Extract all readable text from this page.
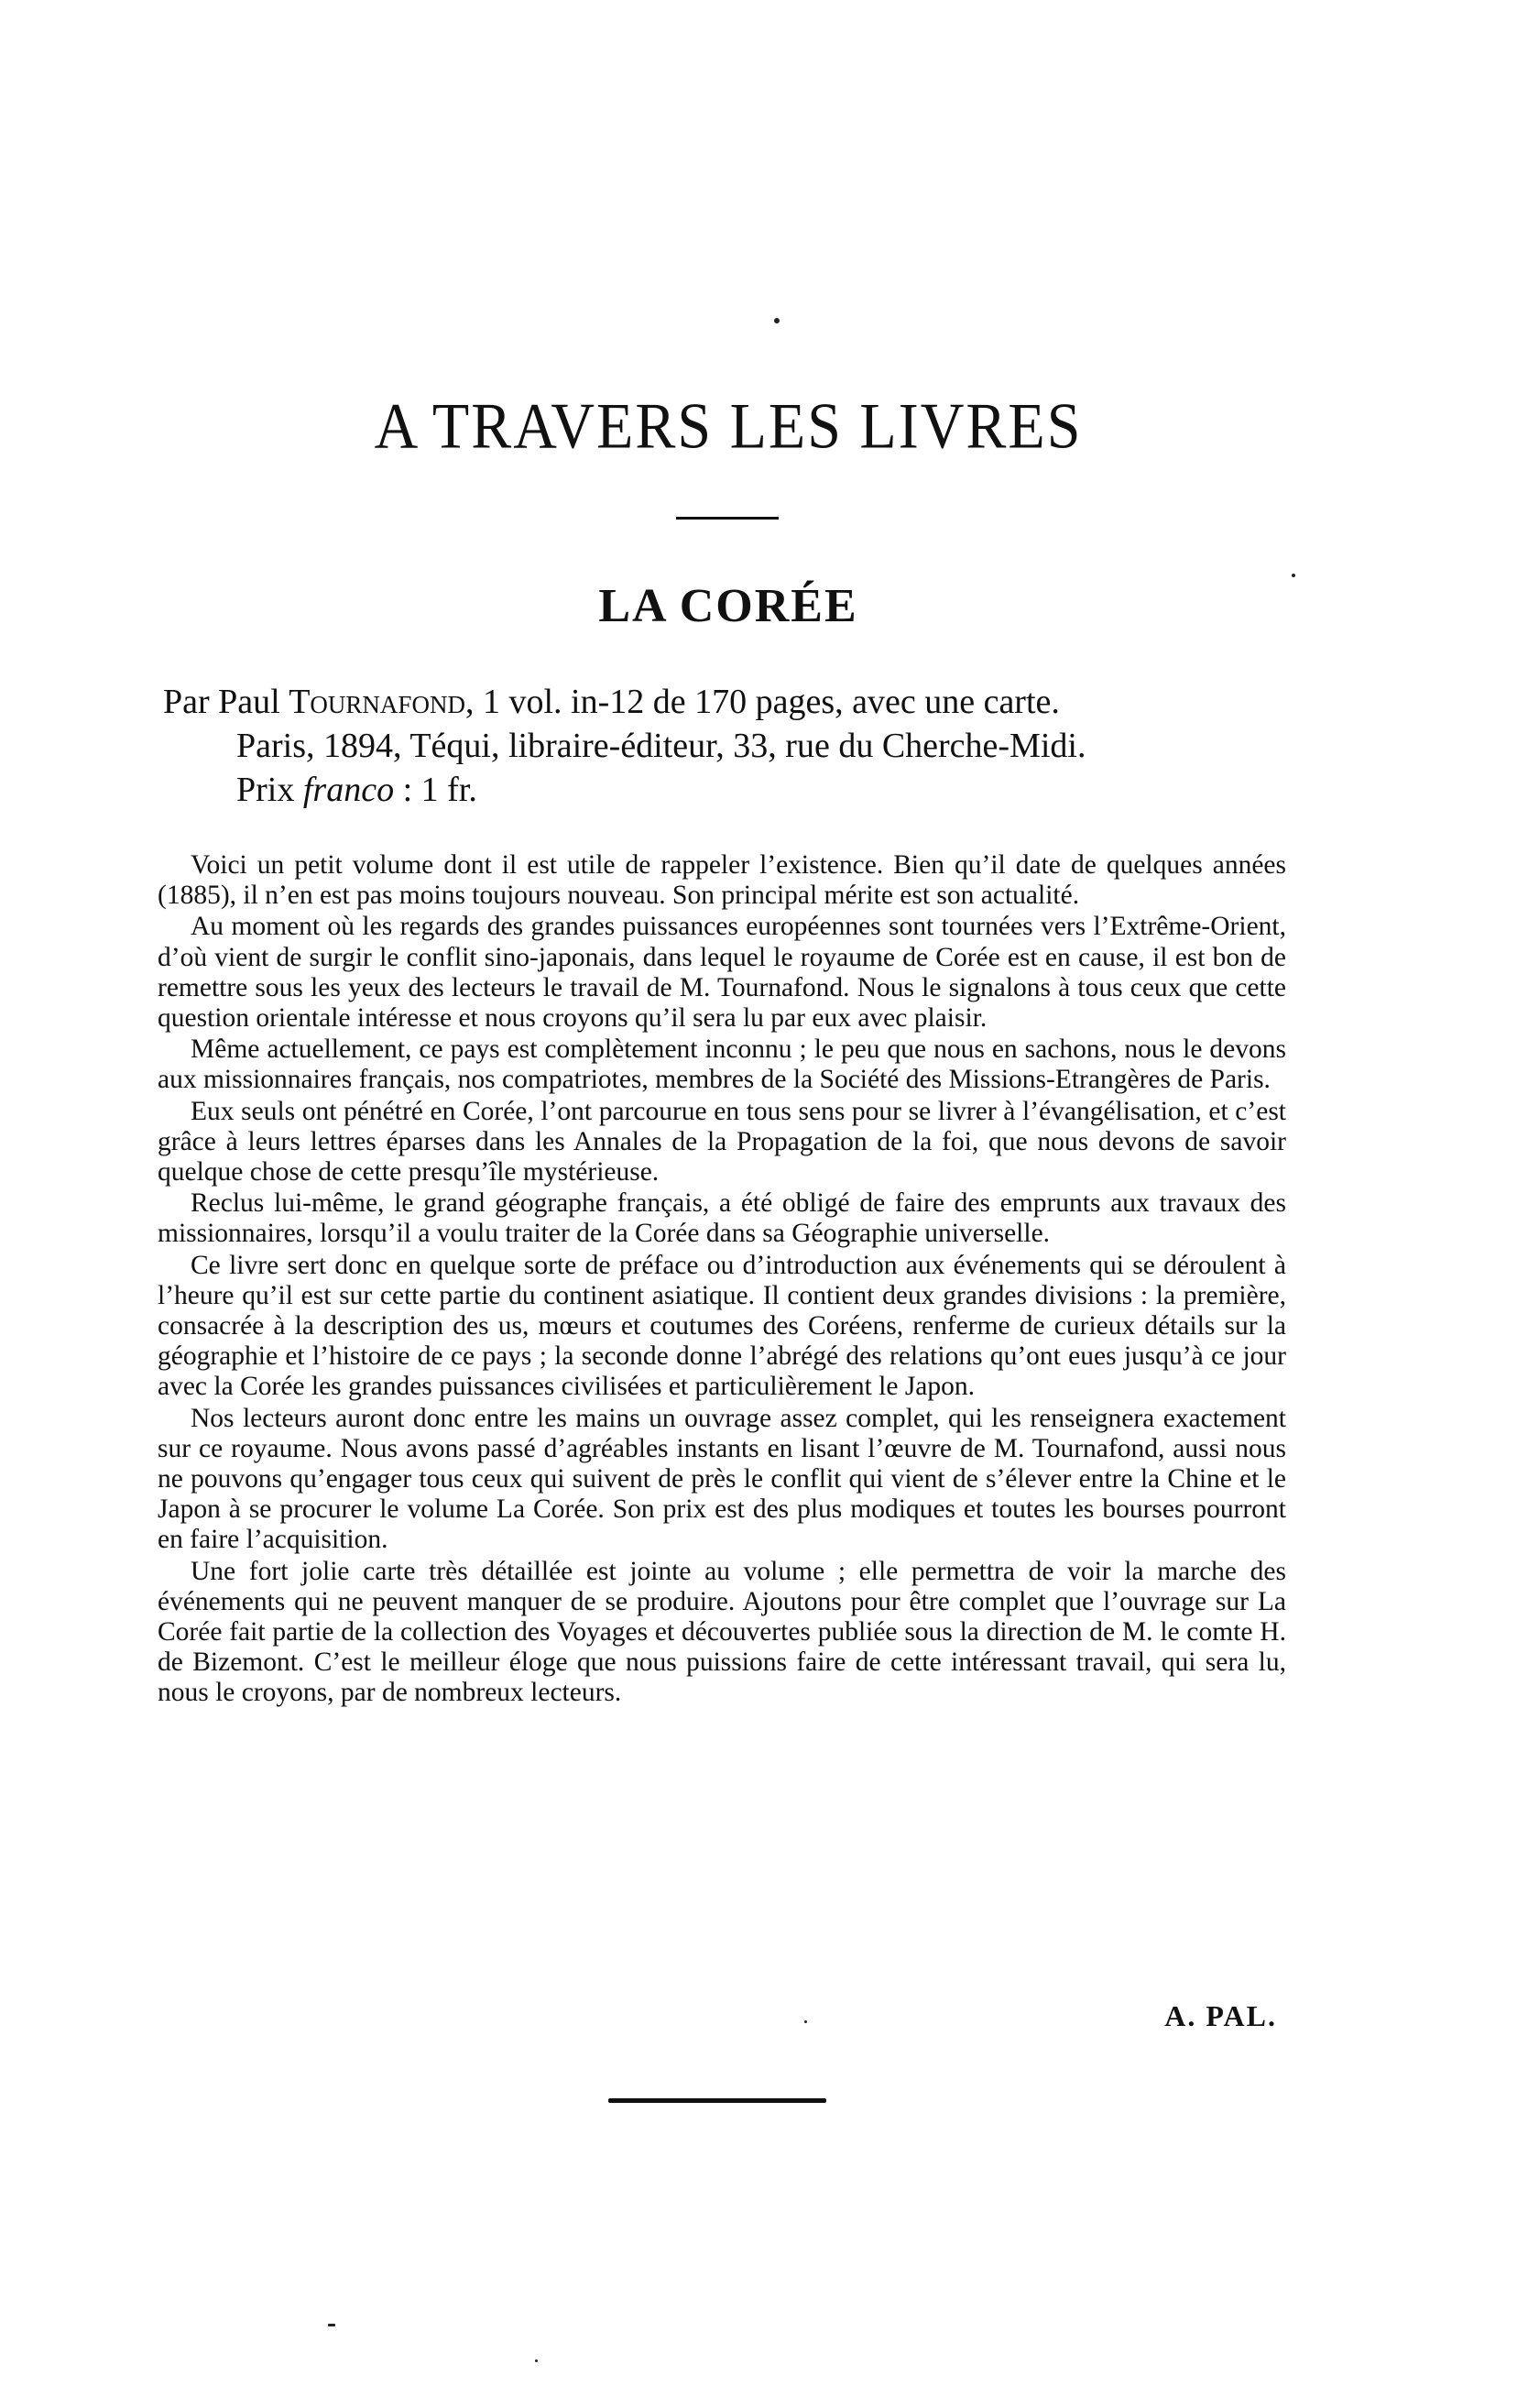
A TRAVERS LES LIVRES
LA CORÉE
Par Paul Tournafond, 1 vol. in-12 de 170 pages, avec une carte.
Paris, 1894, Téqui, libraire-éditeur, 33, rue du Cherche-Midi.
Prix franco : 1 fr.

Voici un petit volume dont il est utile de rappeler l’existence. Bien qu’il date de quelques années (1885), il n’en est pas moins toujours nouveau. Son principal mérite est son actualité.

Au moment où les regards des grandes puissances européennes sont tournées vers l’Extrême-Orient, d’où vient de surgir le conflit sino-japonais, dans lequel le royaume de Corée est en cause, il est bon de remettre sous les yeux des lecteurs le travail de M. Tournafond. Nous le signalons à tous ceux que cette question orientale intéresse et nous croyons qu’il sera lu par eux avec plaisir.

Même actuellement, ce pays est complètement inconnu ; le peu que nous en sachons, nous le devons aux missionnaires français, nos compatriotes, membres de la Société des Missions-Etrangères de Paris.

Eux seuls ont pénétré en Corée, l’ont parcourue en tous sens pour se livrer à l’évangélisation, et c’est grâce à leurs lettres éparses dans les Annales de la Propagation de la foi, que nous devons de savoir quelque chose de cette presqu’île mystérieuse.

Reclus lui-même, le grand géographe français, a été obligé de faire des emprunts aux travaux des missionnaires, lorsqu’il a voulu traiter de la Corée dans sa Géographie universelle.

Ce livre sert donc en quelque sorte de préface ou d’introduction aux événements qui se déroulent à l’heure qu’il est sur cette partie du continent asiatique. Il contient deux grandes divisions : la première, consacrée à la description des us, mœurs et coutumes des Coréens, renferme de curieux détails sur la géographie et l’histoire de ce pays ; la seconde donne l’abrégé des relations qu’ont eues jusqu’à ce jour avec la Corée les grandes puissances civilisées et particulièrement le Japon.

Nos lecteurs auront donc entre les mains un ouvrage assez complet, qui les renseignera exactement sur ce royaume. Nous avons passé d’agréables instants en lisant l’œuvre de M. Tournafond, aussi nous ne pouvons qu’engager tous ceux qui suivent de près le conflit qui vient de s’élever entre la Chine et le Japon à se procurer le volume La Corée. Son prix est des plus modiques et toutes les bourses pourront en faire l’acquisition.

Une fort jolie carte très détaillée est jointe au volume ; elle permettra de voir la marche des événements qui ne peuvent manquer de se produire. Ajoutons pour être complet que l’ouvrage sur La Corée fait partie de la collection des Voyages et découvertes publiée sous la direction de M. le comte H. de Bizemont. C’est le meilleur éloge que nous puissions faire de cette intéressant travail, qui sera lu, nous le croyons, par de nombreux lecteurs.

A. PAL.
